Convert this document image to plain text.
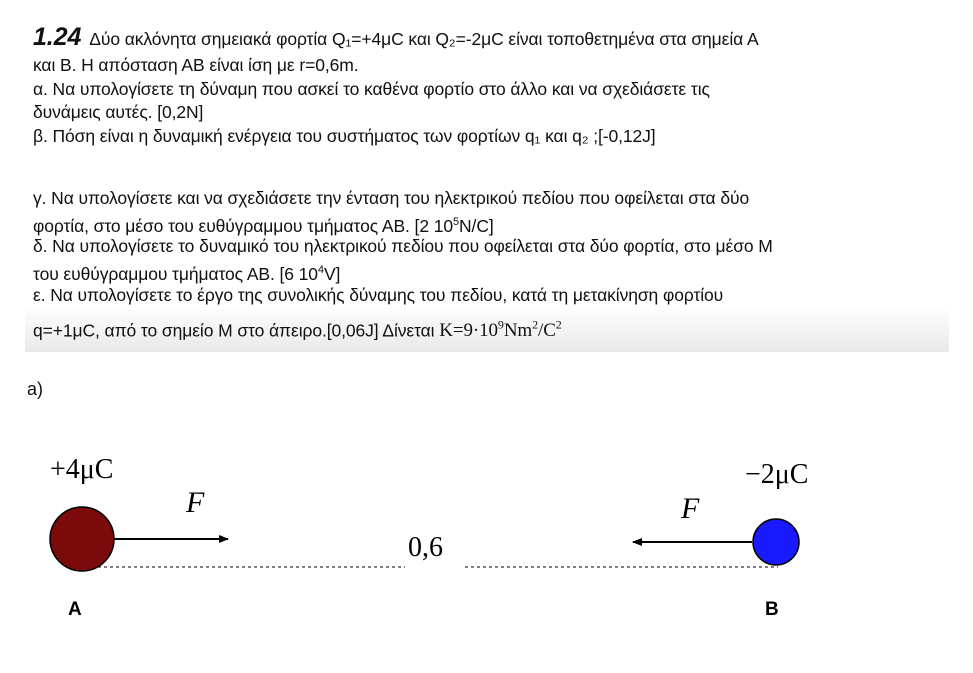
1.24 Δύο ακλόνητα σημειακά φορτία Q₁=+4μC και Q₂=-2μC είναι τοποθετημένα στα σημεία Α
και Β. Η απόσταση ΑΒ είναι ίση με r=0,6m.
α. Να υπολογίσετε τη δύναμη που ασκεί το καθένα φορτίο στο άλλο και να σχεδιάσετε τις
δυνάμεις αυτές. [0,2N]
β. Πόση είναι η δυναμική ενέργεια του συστήματος των φορτίων q₁ και q₂ ;[-0,12J]
γ. Να υπολογίσετε και να σχεδιάσετε την ένταση του ηλεκτρικού πεδίου που οφείλεται στα δύο
φορτία, στο μέσο του ευθύγραμμου τμήματος ΑΒ. [2 $10^5N/C$]
δ. Να υπολογίσετε το δυναμικό του ηλεκτρικού πεδίου που οφείλεται στα δύο φορτία, στο μέσο Μ
του ευθύγραμμου τμήματος ΑΒ. [6 $10^4V$]
ε. Να υπολογίσετε το έργο της συνολικής δύναμης του πεδίου, κατά τη μετακίνηση φορτίου
q=+1μC, από το σημείο Μ στο άπειρο.[0,06J] Δίνεται $K=9\cdot 10^9Nm^2/C^2$
a)
+4μC	−2μC
F	F
0,6
A	B
